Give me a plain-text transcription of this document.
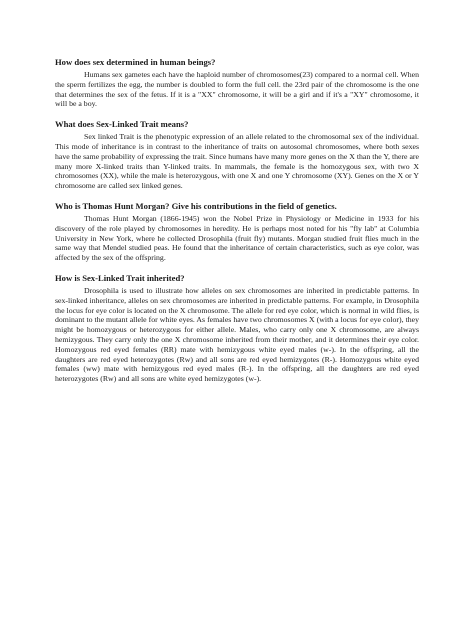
How does sex determined in human beings?

Humans sex gametes each have the haploid number of chromosomes(23) compared to a normal cell. When the sperm fertilizes the egg, the number is doubled to form the full cell. the 23rd pair of the chromosome is the one that determines the sex of the fetus. If it is a "XX" chromosome, it will be a girl and if it's a "XY" chromosome, it will be a boy.

What does Sex-Linked Trait means?

Sex linked Trait is the phenotypic expression of an allele related to the chromosomal sex of the individual. This mode of inheritance is in contrast to the inheritance of traits on autosomal chromosomes, where both sexes have the same probability of expressing the trait. Since humans have many more genes on the X than the Y, there are many more X-linked traits than Y-linked traits. In mammals, the female is the homozygous sex, with two X chromosomes (XX), while the male is heterozygous, with one X and one Y chromosome (XY). Genes on the X or Y chromosome are called sex linked genes.

Who is Thomas Hunt Morgan? Give his contributions in the field of genetics.

Thomas Hunt Morgan (1866-1945) won the Nobel Prize in Physiology or Medicine in 1933 for his discovery of the role played by chromosomes in heredity. He is perhaps most noted for his "fly lab" at Columbia University in New York, where he collected Drosophila (fruit fly) mutants. Morgan studied fruit flies much in the same way that Mendel studied peas. He found that the inheritance of certain characteristics, such as eye color, was affected by the sex of the offspring.

How is Sex-Linked Trait inherited?

Drosophila is used to illustrate how alleles on sex chromosomes are inherited in predictable patterns. In sex-linked inheritance, alleles on sex chromosomes are inherited in predictable patterns. For example, in Drosophila the locus for eye color is located on the X chromosome. The allele for red eye color, which is normal in wild flies, is dominant to the mutant allele for white eyes. As females have two chromosomes X (with a locus for eye color), they might be homozygous or heterozygous for either allele. Males, who carry only one X chromosome, are always hemizygous. They carry only the one X chromosome inherited from their mother, and it determines their eye color. Homozygous red eyed females (RR) mate with hemizygous white eyed males (w-). In the offspring, all the daughters are red eyed heterozygotes (Rw) and all sons are red eyed hemizygotes (R-). Homozygous white eyed females (ww) mate with hemizygous red eyed males (R-). In the offspring, all the daughters are red eyed heterozygotes (Rw) and all sons are white eyed hemizygotes (w-).
